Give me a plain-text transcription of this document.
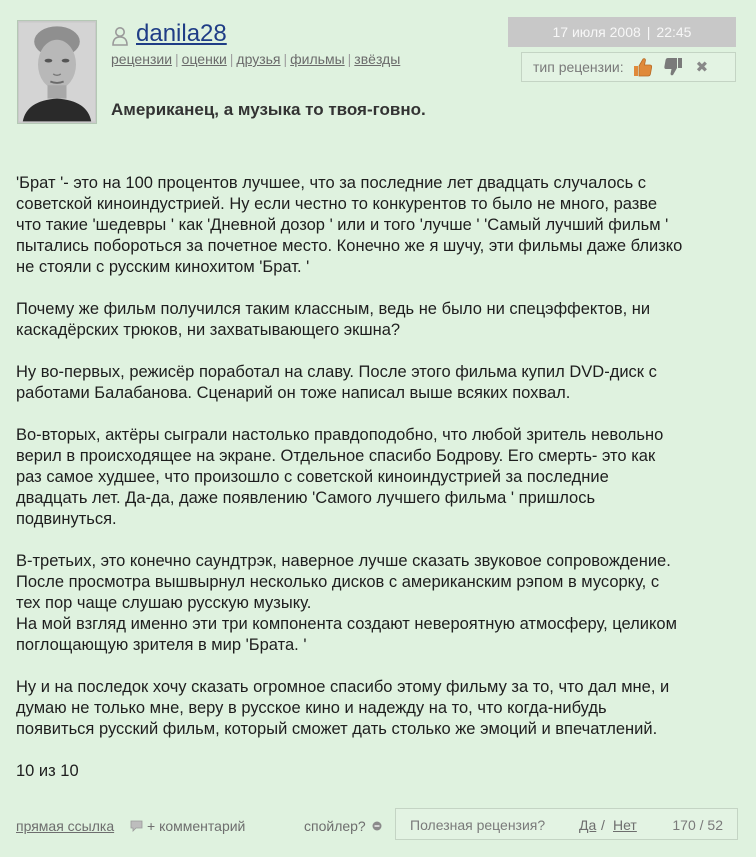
danila28
рецензии | оценки | друзья | фильмы | звёзды
17 июля 2008 | 22:45
тип рецензии:	✖
Американец, а музыка то твоя-говно.

'Брат '- это на 100 процентов лучшее, что за последние лет двадцать случалось с
советской киноиндустрией. Ну если честно то конкурентов то было не много, разве
что такие 'шедевры ' как 'Дневной дозор ' или и того 'лучше ' 'Самый лучший фильм '
пытались побороться за почетное место. Конечно же я шучу, эти фильмы даже близко
не стояли с русским кинохитом 'Брат. '

Почему же фильм получился таким классным, ведь не было ни спецэффектов, ни
каскадёрских трюков, ни захватывающего экшна?

Ну во-первых, режисёр поработал на славу. После этого фильма купил DVD-диск с
работами Балабанова. Сценарий он тоже написал выше всяких похвал.

Во-вторых, актёры сыграли настолько правдоподобно, что любой зритель невольно
верил в происходящее на экране. Отдельное спасибо Бодрову. Его смерть- это как
раз самое худшее, что произошло с советской киноиндустрией за последние
двадцать лет. Да-да, даже появлению 'Самого лучшего фильма ' пришлось
подвинуться.

В-третьих, это конечно саундтрэк, наверное лучше сказать звуковое сопровождение.
После просмотра вышвырнул несколько дисков с американским рэпом в мусорку, с
тех пор чаще слушаю русскую музыку.
На мой взгляд именно эти три компонента создают невероятную атмосферу, целиком
поглощающую зрителя в мир 'Брата. '

Ну и на последок хочу сказать огромное спасибо этому фильму за то, что дал мне, и
думаю не только мне, веру в русское кино и надежду на то, что когда-нибудь
появиться русский фильм, который сможет дать столько же эмоций и впечатлений.

10 из 10

прямая ссылка + комментарий	спойлер?	Полезная рецензия? Да / Нет	170 / 52
